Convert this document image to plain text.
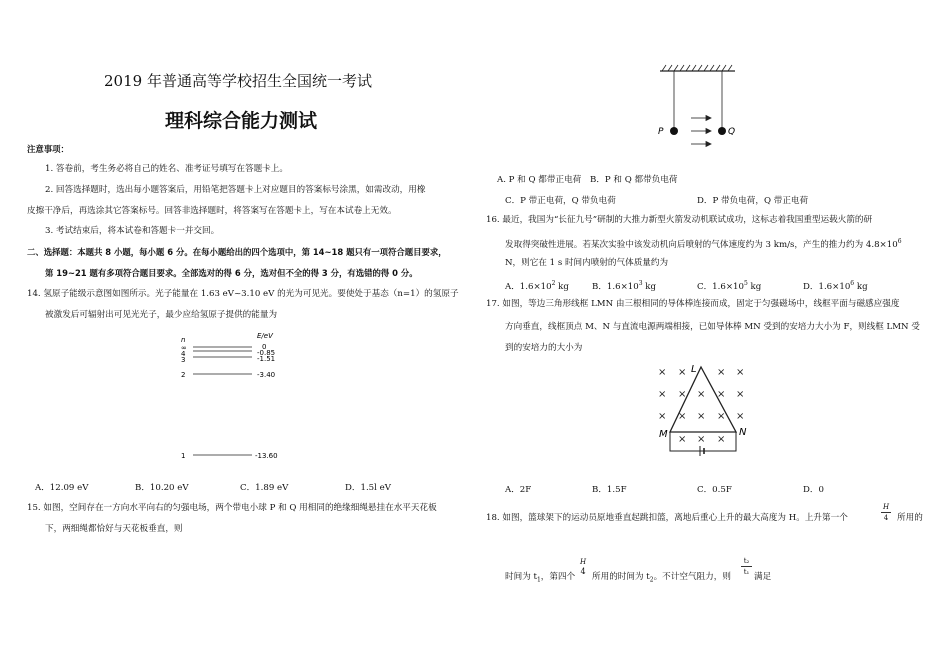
2019 年普通高等学校招生全国统一考试
理科综合能力测试
注意事项：
1. 答卷前，考生务必将自己的姓名、准考证号填写在答题卡上。
2. 回答选择题时，选出每小题答案后，用铅笔把答题卡上对应题目的答案标号涂黑，如需改动，用橡
皮擦干净后，再选涂其它答案标号。回答非选择题时，将答案写在答题卡上，写在本试卷上无效。
3. 考试结束后，将本试卷和答题卡一并交回。
二、选择题：本题共 8 小题，每小题 6 分。在每小题给出的四个选项中，第 14~18 题只有一项符合题目要求，
第 19~21 题有多项符合题目要求。全部选对的得 6 分，选对但不全的得 3 分，有选错的得 0 分。
14. 氢原子能级示意图如图所示。光子能量在 1.63 eV~3.10 eV 的光为可见光。要使处于基态（n=1）的氢原子
被激发后可辐射出可见光光子，最少应给氢原子提供的能量为
n	E/eV
∞	0
4	-0.85
3	-1.51
2	-3.40
1	-13.60
A．12.09 eV	B．10.20 eV	C．1.89 eV	D．1.5l eV
15. 如图，空间存在一方向水平向右的匀强电场，两个带电小球 P 和 Q 用相同的绝缘细绳悬挂在水平天花板
下，两细绳都恰好与天花板垂直，则
P	Q
A. P 和 Q 都带正电荷 B．P 和 Q 都带负电荷
C．P 带正电荷，Q 带负电荷	D．P 带负电荷，Q 带正电荷
16. 最近，我国为“长征九号”研制的大推力新型火箭发动机联试成功，这标志着我国重型运载火箭的研
发取得突破性进展。若某次实验中该发动机向后喷射的气体速度约为 3 km/s，产生的推力约为 $4.8\times 10^6$
N，则它在 1 s 时间内喷射的气体质量约为
A．$1.6\times 10^2$ kg	B．$1.6\times 10^3$ kg	C．$1.6\times 10^5$ kg	D．$1.6\times 10^6$ kg
17. 如图，等边三角形线框 LMN 由三根相同的导体棒连接而成，固定于匀强磁场中，线框平面与磁感应强度
方向垂直，线框顶点 M、N 与直流电源两端相接，已如导体棒 MN 受到的安培力大小为 F，则线框 LMN 受
到的安培力的大小为
× ×	× ×
× × × × ×
× × × × ×
× × ×
L
M	N
A．2F	B．1.5F	C．0.5F	D．0
18. 如图，篮球架下的运动员原地垂直起跳扣篮，离地后重心上升的最大高度为 H。上升第一个
H
4	所用的
时间为 $t_1$，第四个
H
4
所用的时间为 $t_2$。不计空气阻力，则
t₂
t₁ 满足
